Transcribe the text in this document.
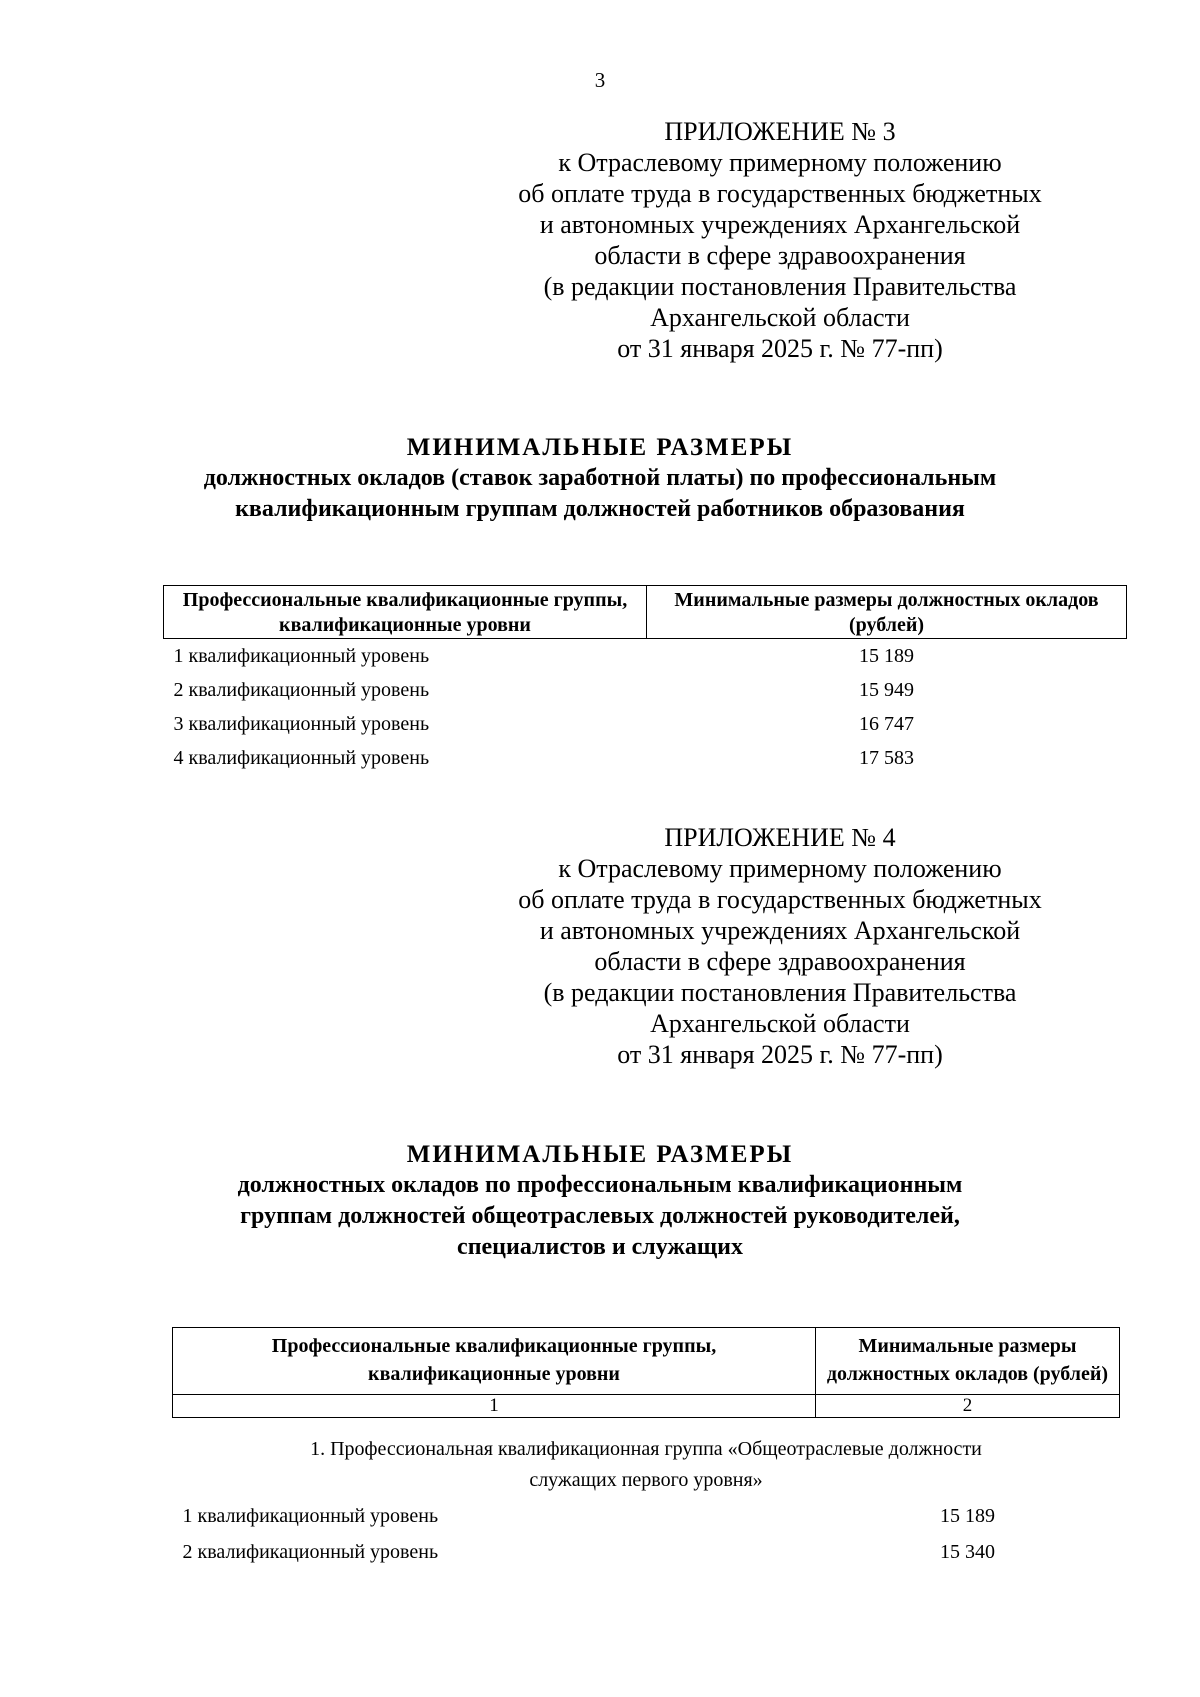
3
ПРИЛОЖЕНИЕ № 3
к Отраслевому примерному положению
об оплате труда в государственных бюджетных
и автономных учреждениях Архангельской
области в сфере здравоохранения
(в редакции постановления Правительства
Архангельской области
от 31 января 2025 г. № 77-пп)
МИНИМАЛЬНЫЕ РАЗМЕРЫ
должностных окладов (ставок заработной платы) по профессиональным
квалификационным группам должностей работников образования
Профессиональные квалификационные группы, квалификационные уровни	Минимальные размеры должностных окладов (рублей)
1 квалификационный уровень	15 189
2 квалификационный уровень	15 949
3 квалификационный уровень	16 747
4 квалификационный уровень	17 583
ПРИЛОЖЕНИЕ № 4
к Отраслевому примерному положению
об оплате труда в государственных бюджетных
и автономных учреждениях Архангельской
области в сфере здравоохранения
(в редакции постановления Правительства
Архангельской области
от 31 января 2025 г. № 77-пп)
МИНИМАЛЬНЫЕ РАЗМЕРЫ
должностных окладов по профессиональным квалификационным
группам должностей общеотраслевых должностей руководителей,
специалистов и служащих
Профессиональные квалификационные группы, квалификационные уровни	Минимальные размеры должностных окладов (рублей)
1	2

1. Профессиональная квалификационная группа «Общеотраслевые должности
служащих первого уровня»	

1 квалификационный уровень	15 189
2 квалификационный уровень	15 340
